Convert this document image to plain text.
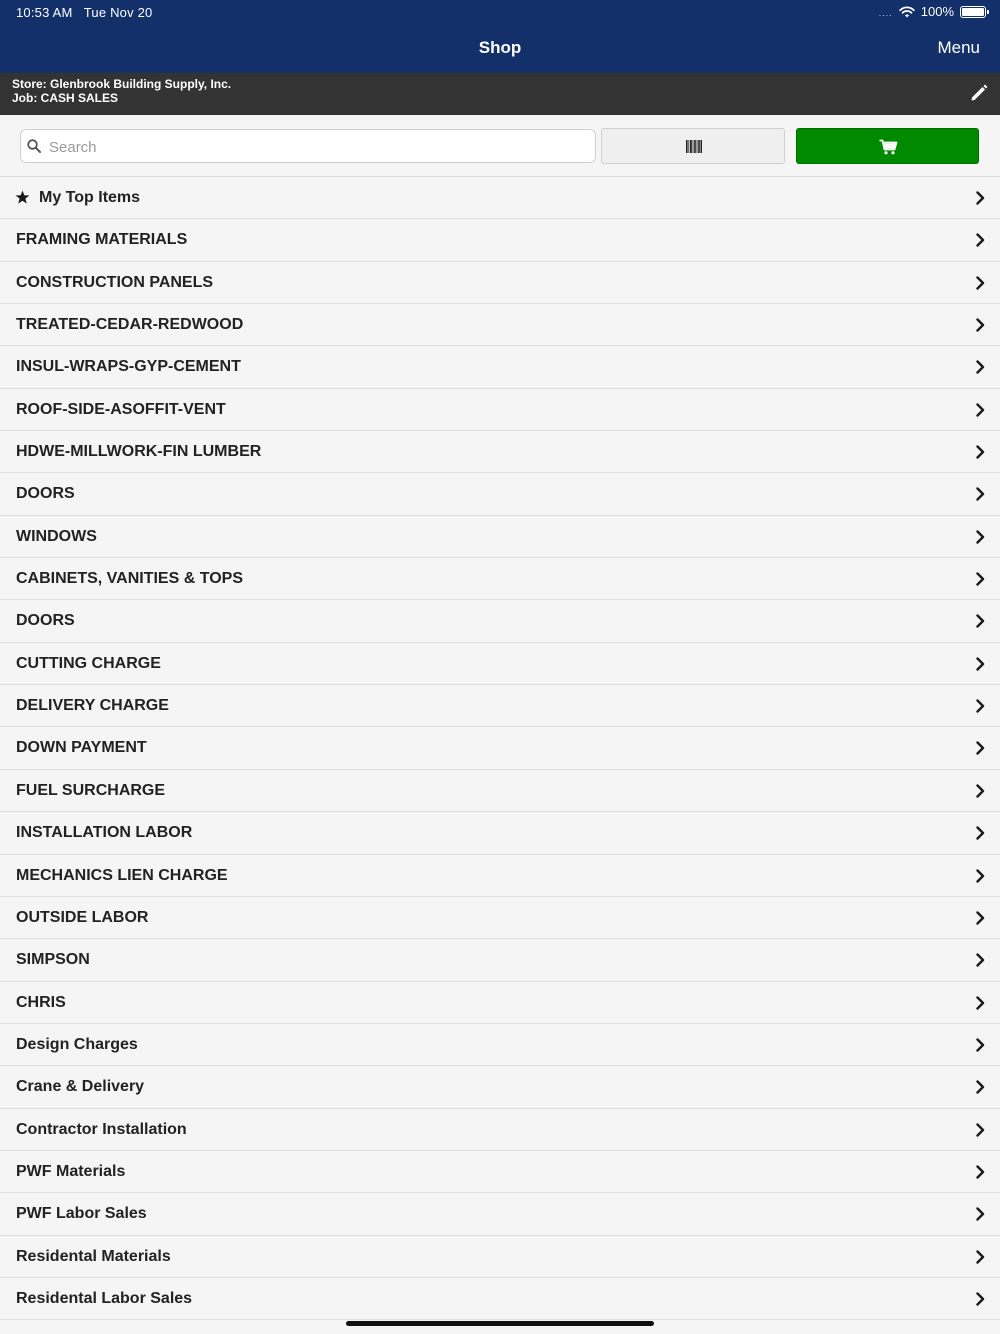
10:53 AM Tue Nov 20	.... 100%
Shop	Menu
Store: Glenbrook Building Supply, Inc.
Job: CASH SALES
Search
My Top Items
FRAMING MATERIALS
CONSTRUCTION PANELS
TREATED-CEDAR-REDWOOD
INSUL-WRAPS-GYP-CEMENT
ROOF-SIDE-ASOFFIT-VENT
HDWE-MILLWORK-FIN LUMBER
DOORS
WINDOWS
CABINETS, VANITIES & TOPS
DOORS
CUTTING CHARGE
DELIVERY CHARGE
DOWN PAYMENT
FUEL SURCHARGE
INSTALLATION LABOR
MECHANICS LIEN CHARGE
OUTSIDE LABOR
SIMPSON
CHRIS
Design Charges
Crane & Delivery
Contractor Installation
PWF Materials
PWF Labor Sales
Residental Materials
Residental Labor Sales
